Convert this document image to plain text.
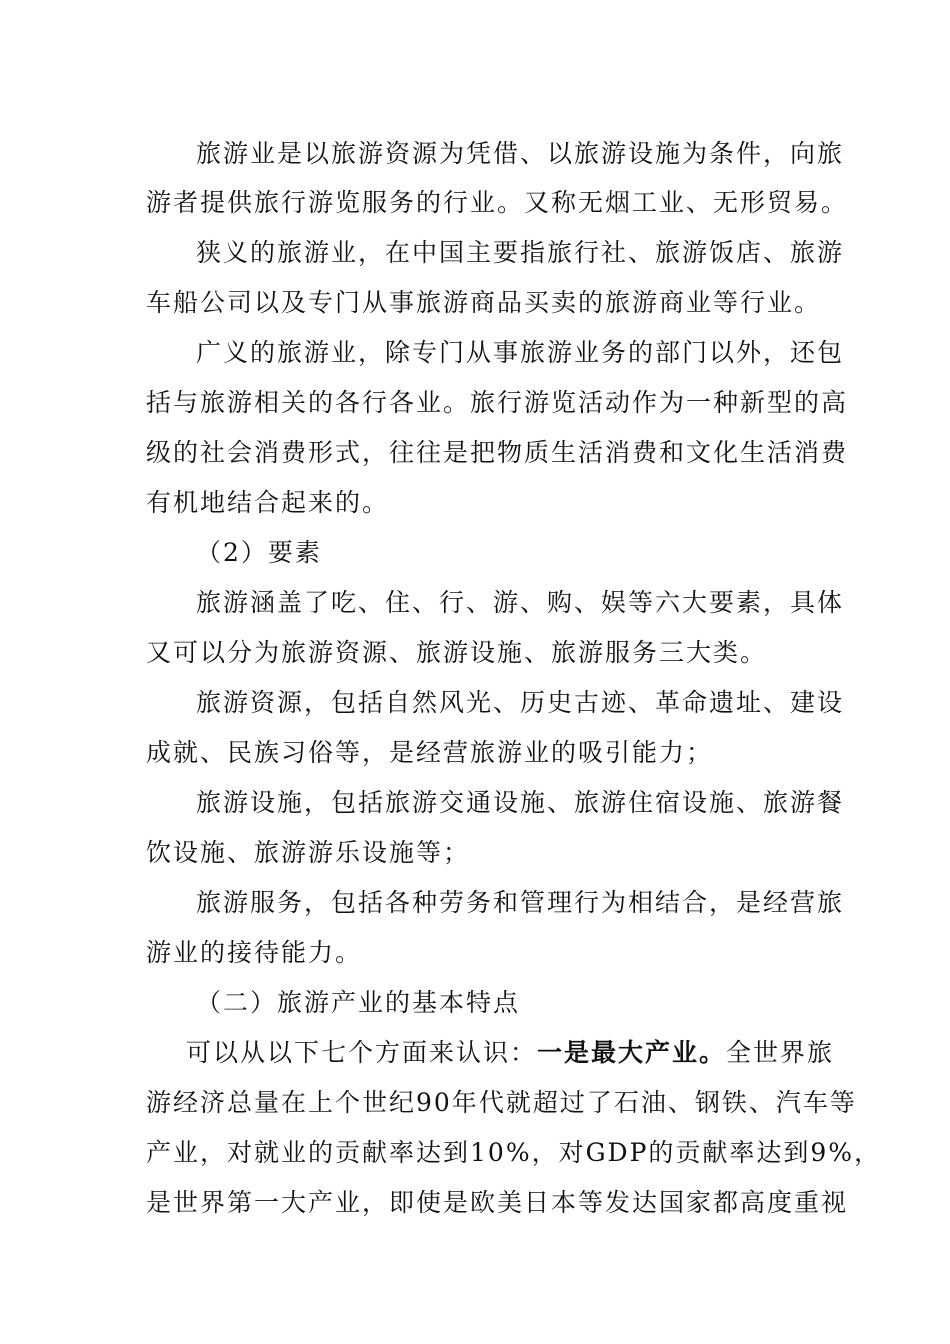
旅游业是以旅游资源为凭借、以旅游设施为条件，向旅
游者提供旅行游览服务的行业。又称无烟工业、无形贸易。
狭义的旅游业，在中国主要指旅行社、旅游饭店、旅游
车船公司以及专门从事旅游商品买卖的旅游商业等行业。
广义的旅游业，除专门从事旅游业务的部门以外，还包
括与旅游相关的各行各业。旅行游览活动作为一种新型的高
级的社会消费形式，往往是把物质生活消费和文化生活消费
有机地结合起来的。
（2）要素
旅游涵盖了吃、住、行、游、购、娱等六大要素，具体
又可以分为旅游资源、旅游设施、旅游服务三大类。
旅游资源，包括自然风光、历史古迹、革命遗址、建设
成就、民族习俗等，是经营旅游业的吸引能力；
旅游设施，包括旅游交通设施、旅游住宿设施、旅游餐
饮设施、旅游游乐设施等；
旅游服务，包括各种劳务和管理行为相结合，是经营旅
游业的接待能力。
（二）旅游产业的基本特点
可以从以下七个方面来认识：一是最大产业。全世界旅
游经济总量在上个世纪90年代就超过了石油、钢铁、汽车等
产业，对就业的贡献率达到10%，对GDP的贡献率达到9%，
是世界第一大产业，即使是欧美日本等发达国家都高度重视
